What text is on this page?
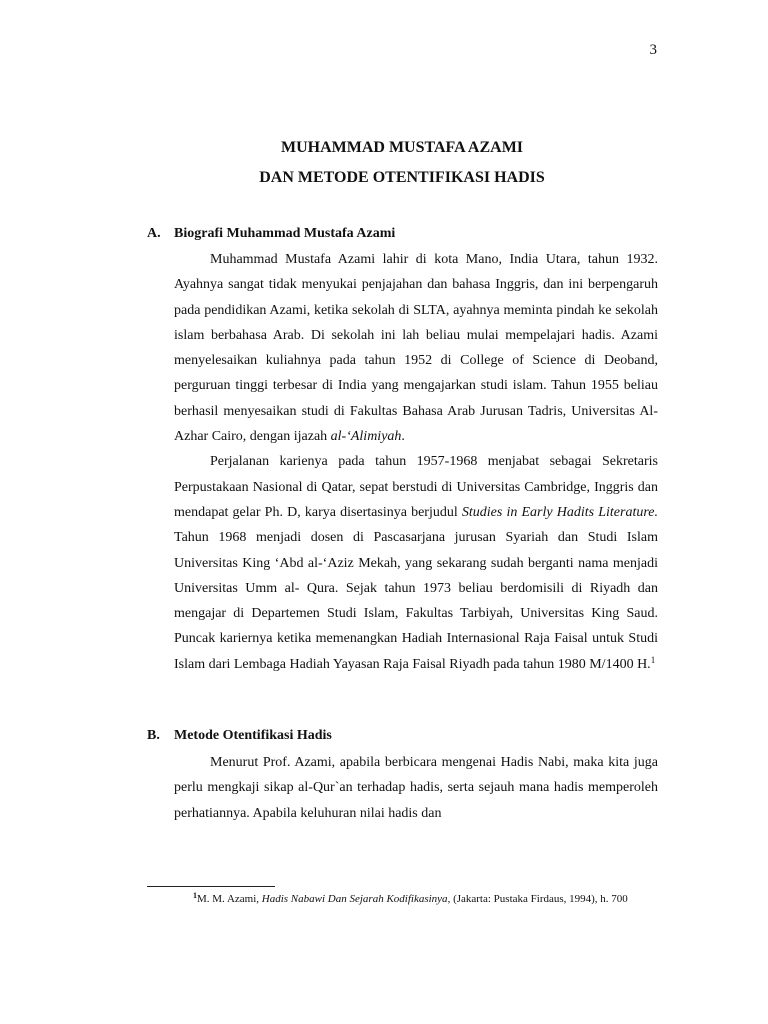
3
MUHAMMAD MUSTAFA AZAMI
DAN METODE OTENTIFIKASI HADIS
A. Biografi Muhammad Mustafa Azami

Muhammad Mustafa Azami lahir di kota Mano, India Utara, tahun 1932. Ayahnya sangat tidak menyukai penjajahan dan bahasa Inggris, dan ini berpengaruh pada pendidikan Azami, ketika sekolah di SLTA, ayahnya meminta pindah ke sekolah islam berbahasa Arab. Di sekolah ini lah beliau mulai mempelajari hadis. Azami menyelesaikan kuliahnya pada tahun 1952 di College of Science di Deoband, perguruan tinggi terbesar di India yang mengajarkan studi islam. Tahun 1955 beliau berhasil menyesaikan studi di Fakultas Bahasa Arab Jurusan Tadris, Universitas Al-Azhar Cairo, dengan ijazah al-‘Alimiyah.

Perjalanan karienya pada tahun 1957-1968 menjabat sebagai Sekretaris Perpustakaan Nasional di Qatar, sepat berstudi di Universitas Cambridge, Inggris dan mendapat gelar Ph. D, karya disertasinya berjudul Studies in Early Hadits Literature. Tahun 1968 menjadi dosen di Pascasarjana jurusan Syariah dan Studi Islam Universitas King ‘Abd al-‘Aziz Mekah, yang sekarang sudah berganti nama menjadi Universitas Umm al- Qura. Sejak tahun 1973 beliau berdomisili di Riyadh dan mengajar di Departemen Studi Islam, Fakultas Tarbiyah, Universitas King Saud. Puncak kariernya ketika memenangkan Hadiah Internasional Raja Faisal untuk Studi Islam dari Lembaga Hadiah Yayasan Raja Faisal Riyadh pada tahun 1980 M/1400 H.$^1$

B. Metode Otentifikasi Hadis

Menurut Prof. Azami, apabila berbicara mengenai Hadis Nabi, maka kita juga perlu mengkaji sikap al-Qur`an terhadap hadis, serta sejauh mana hadis memperoleh perhatiannya. Apabila keluhuran nilai hadis dan

$^1$M. M. Azami, Hadis Nabawi Dan Sejarah Kodifikasinya, (Jakarta: Pustaka Firdaus, 1994), h. 700
